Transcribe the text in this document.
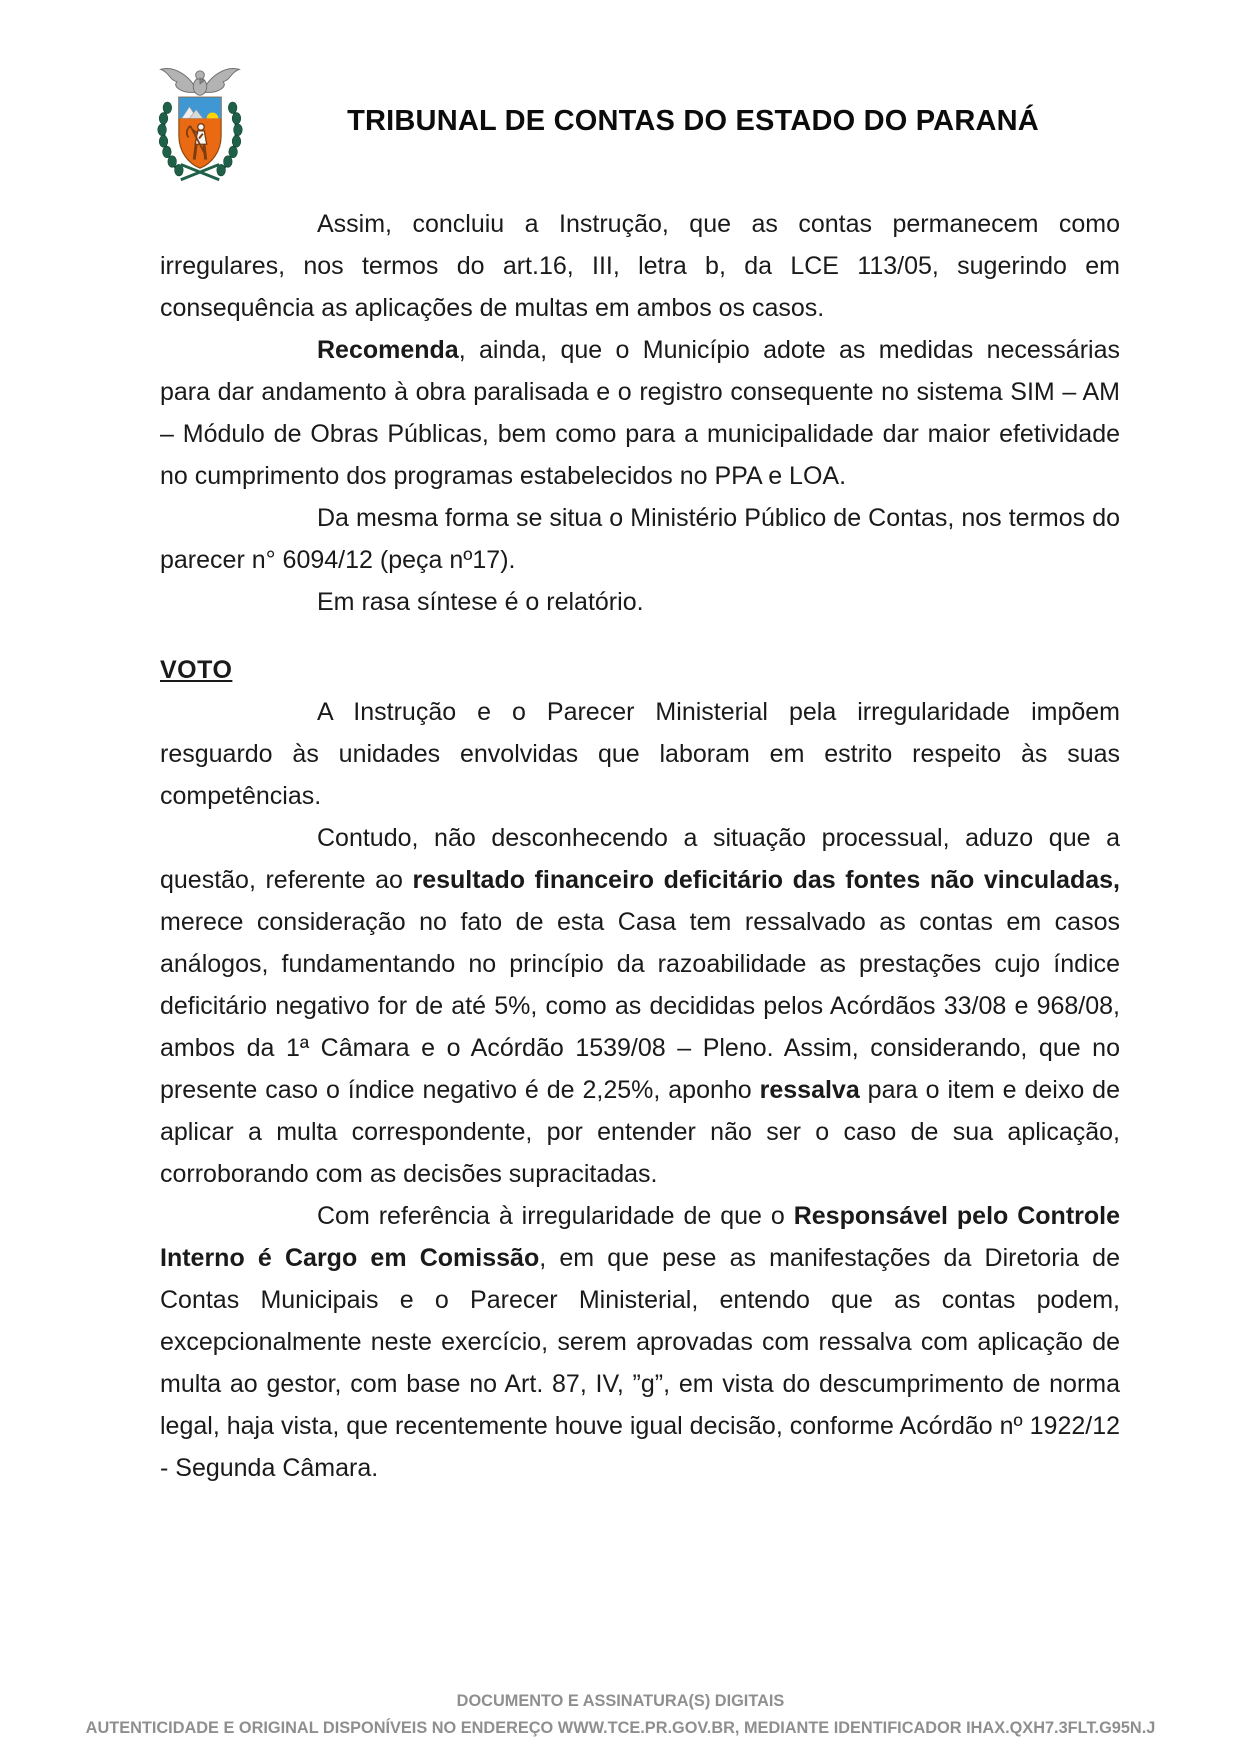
TRIBUNAL DE CONTAS DO ESTADO DO PARANÁ

Assim, concluiu a Instrução, que as contas permanecem como irregulares, nos termos do art.16, III, letra b, da LCE 113/05, sugerindo em consequência as aplicações de multas em ambos os casos.

Recomenda, ainda, que o Município adote as medidas necessárias para dar andamento à obra paralisada e o registro consequente no sistema SIM – AM – Módulo de Obras Públicas, bem como para a municipalidade dar maior efetividade no cumprimento dos programas estabelecidos no PPA e LOA.

Da mesma forma se situa o Ministério Público de Contas, nos termos do parecer n° 6094/12 (peça nº17).

Em rasa síntese é o relatório.

VOTO

A Instrução e o Parecer Ministerial pela irregularidade impõem resguardo às unidades envolvidas que laboram em estrito respeito às suas competências.

Contudo, não desconhecendo a situação processual, aduzo que a questão, referente ao resultado financeiro deficitário das fontes não vinculadas, merece consideração no fato de esta Casa tem ressalvado as contas em casos análogos, fundamentando no princípio da razoabilidade as prestações cujo índice deficitário negativo for de até 5%, como as decididas pelos Acórdãos 33/08 e 968/08, ambos da 1ª Câmara e o Acórdão 1539/08 – Pleno. Assim, considerando, que no presente caso o índice negativo é de 2,25%, aponho ressalva para o item e deixo de aplicar a multa correspondente, por entender não ser o caso de sua aplicação, corroborando com as decisões supracitadas.

Com referência à irregularidade de que o Responsável pelo Controle Interno é Cargo em Comissão, em que pese as manifestações da Diretoria de Contas Municipais e o Parecer Ministerial, entendo que as contas podem, excepcionalmente neste exercício, serem aprovadas com ressalva com aplicação de multa ao gestor, com base no Art. 87, IV, ”g”, em vista do descumprimento de norma legal, haja vista, que recentemente houve igual decisão, conforme Acórdão nº 1922/12 - Segunda Câmara.

DOCUMENTO E ASSINATURA(S) DIGITAIS
AUTENTICIDADE E ORIGINAL DISPONÍVEIS NO ENDEREÇO WWW.TCE.PR.GOV.BR, MEDIANTE IDENTIFICADOR IHAX.QXH7.3FLT.G95N.J
